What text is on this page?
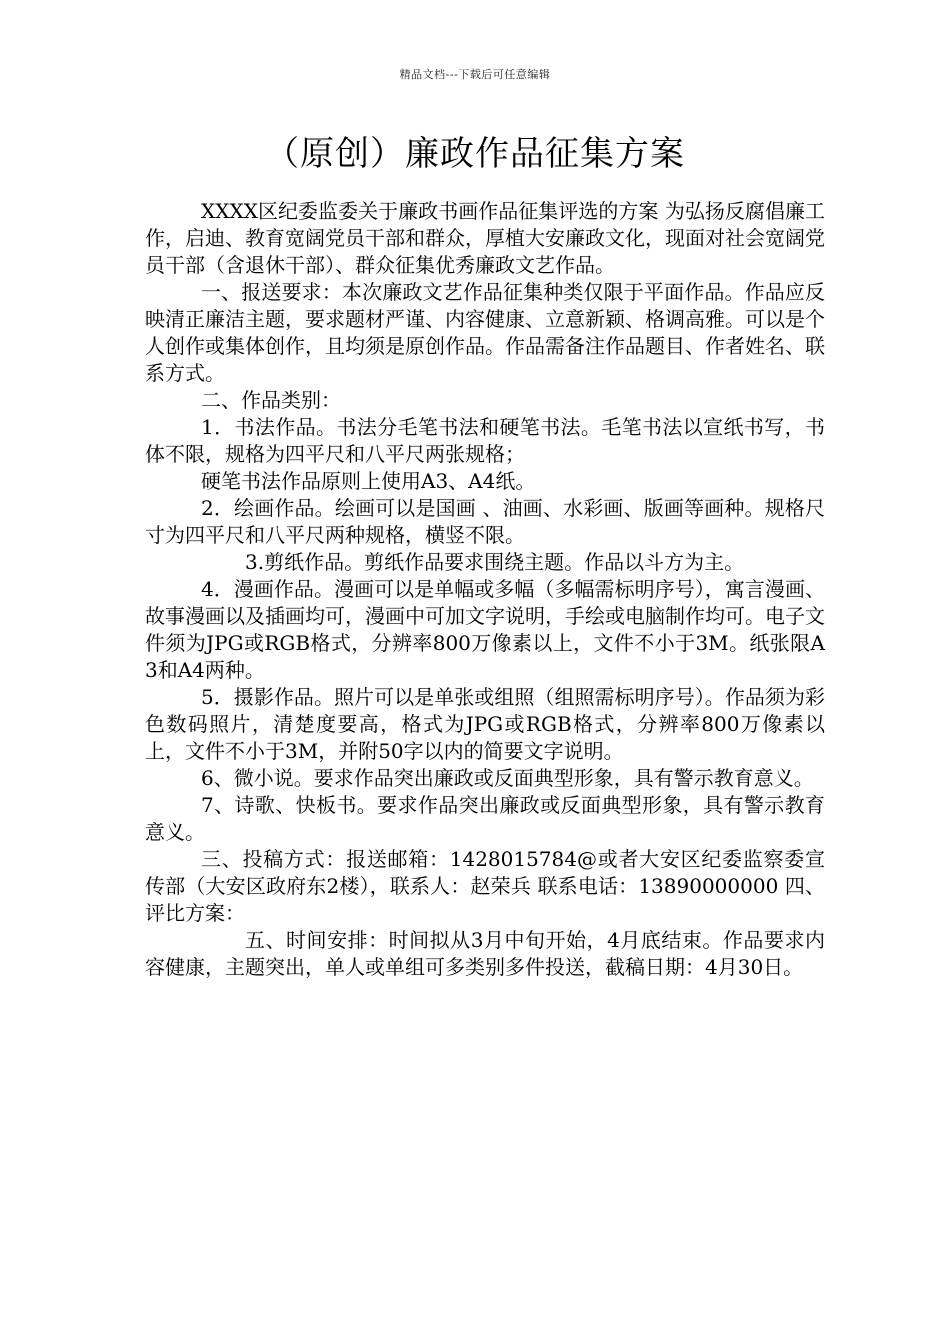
精品文档---下载后可任意编辑
（原创）廉政作品征集方案

XXXX区纪委监委关于廉政书画作品征集评选的方案 为弘扬反腐倡廉工作，启迪、教育宽阔党员干部和群众，厚植大安廉政文化，现面对社会宽阔党员干部（含退休干部）、群众征集优秀廉政文艺作品。

一、报送要求：本次廉政文艺作品征集种类仅限于平面作品。作品应反映清正廉洁主题，要求题材严谨、内容健康、立意新颖、格调高雅。可以是个人创作或集体创作，且均须是原创作品。作品需备注作品题目、作者姓名、联系方式。

二、作品类别：

1．书法作品。书法分毛笔书法和硬笔书法。毛笔书法以宣纸书写，书体不限，规格为四平尺和八平尺两张规格；

硬笔书法作品原则上使用A3、A4纸。

2．绘画作品。绘画可以是国画 、油画、水彩画、版画等画种。规格尺寸为四平尺和八平尺两种规格，横竖不限。

3.剪纸作品。剪纸作品要求围绕主题。作品以斗方为主。

4．漫画作品。漫画可以是单幅或多幅（多幅需标明序号），寓言漫画、故事漫画以及插画均可，漫画中可加文字说明，手绘或电脑制作均可。电子文件须为JPG或RGB格式，分辨率800万像素以上，文件不小于3M。纸张限A3和A4两种。

5．摄影作品。照片可以是单张或组照（组照需标明序号）。作品须为彩色数码照片，清楚度要高，格式为JPG或RGB格式，分辨率800万像素以上，文件不小于3M，并附50字以内的简要文字说明。

6、微小说。要求作品突出廉政或反面典型形象，具有警示教育意义。

7、诗歌、快板书。要求作品突出廉政或反面典型形象，具有警示教育意义。

三、投稿方式：报送邮箱：1428015784@或者大安区纪委监察委宣传部（大安区政府东2楼），联系人：赵荣兵 联系电话：13890000000 四、评比方案：

五、时间安排：时间拟从3月中旬开始，4月底结束。作品要求内容健康，主题突出，单人或单组可多类别多件投送，截稿日期：4月30日。
